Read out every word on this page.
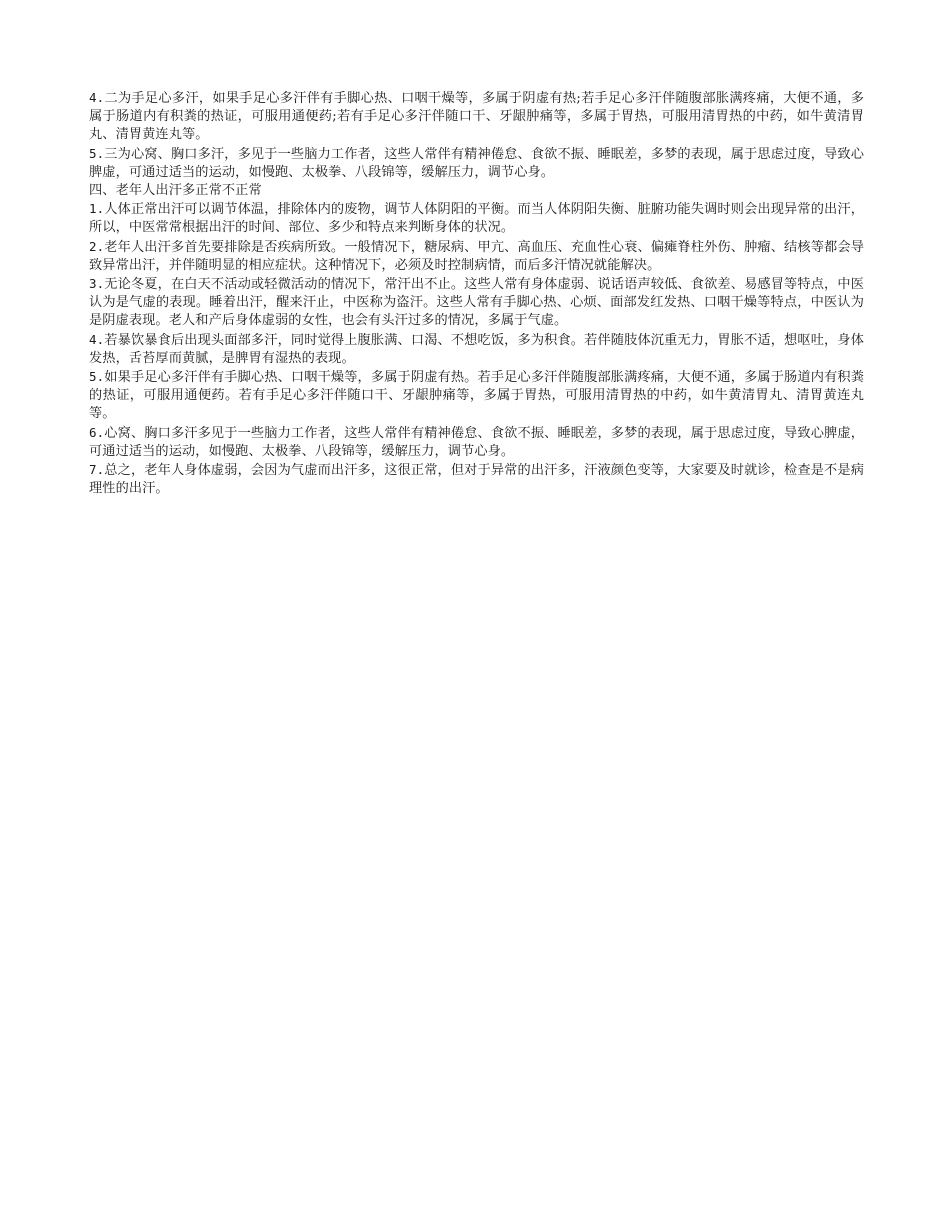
4.二为手足心多汗，如果手足心多汗伴有手脚心热、口咽干燥等，多属于阴虚有热;若手足心多汗伴随腹部胀满疼痛，大便不通，多属于肠道内有积粪的热证，可服用通便药;若有手足心多汗伴随口干、牙龈肿痛等，多属于胃热，可服用清胃热的中药，如牛黄清胃丸、清胃黄连丸等。

5.三为心窝、胸口多汗，多见于一些脑力工作者，这些人常伴有精神倦怠、食欲不振、睡眠差，多梦的表现，属于思虑过度，导致心脾虚，可通过适当的运动，如慢跑、太极拳、八段锦等，缓解压力，调节心身。

四、老年人出汗多正常不正常

1.人体正常出汗可以调节体温，排除体内的废物，调节人体阴阳的平衡。而当人体阴阳失衡、脏腑功能失调时则会出现异常的出汗，所以，中医常常根据出汗的时间、部位、多少和特点来判断身体的状况。

2.老年人出汗多首先要排除是否疾病所致。一般情况下，糖尿病、甲亢、高血压、充血性心衰、偏瘫脊柱外伤、肿瘤、结核等都会导致异常出汗，并伴随明显的相应症状。这种情况下，必须及时控制病情，而后多汗情况就能解决。

3.无论冬夏，在白天不活动或轻微活动的情况下，常汗出不止。这些人常有身体虚弱、说话语声较低、食欲差、易感冒等特点，中医认为是气虚的表现。睡着出汗，醒来汗止，中医称为盗汗。这些人常有手脚心热、心烦、面部发红发热、口咽干燥等特点，中医认为是阴虚表现。老人和产后身体虚弱的女性，也会有头汗过多的情况，多属于气虚。

4.若暴饮暴食后出现头面部多汗，同时觉得上腹胀满、口渴、不想吃饭，多为积食。若伴随肢体沉重无力，胃胀不适，想呕吐，身体发热，舌苔厚而黄腻，是脾胃有湿热的表现。

5.如果手足心多汗伴有手脚心热、口咽干燥等，多属于阴虚有热。若手足心多汗伴随腹部胀满疼痛，大便不通，多属于肠道内有积粪的热证，可服用通便药。若有手足心多汗伴随口干、牙龈肿痛等，多属于胃热，可服用清胃热的中药，如牛黄清胃丸、清胃黄连丸等。

6.心窝、胸口多汗多见于一些脑力工作者，这些人常伴有精神倦怠、食欲不振、睡眠差，多梦的表现，属于思虑过度，导致心脾虚，可通过适当的运动，如慢跑、太极拳、八段锦等，缓解压力，调节心身。

7.总之，老年人身体虚弱，会因为气虚而出汗多，这很正常，但对于异常的出汗多，汗液颜色变等，大家要及时就诊，检查是不是病理性的出汗。
